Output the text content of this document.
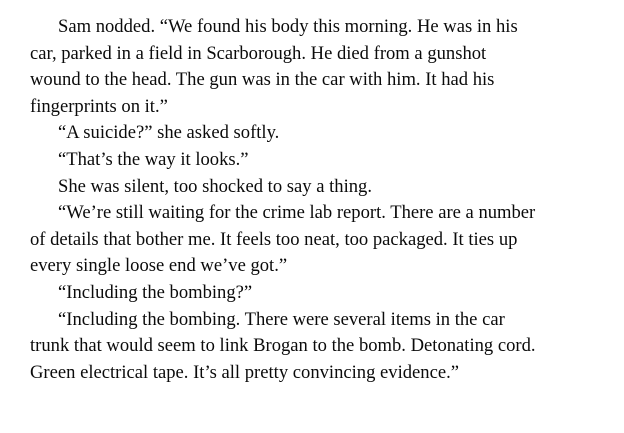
Sam nodded. “We found his body this morning. He was in his car, parked in a field in Scarborough. He died from a gunshot wound to the head. The gun was in the car with him. It had his fingerprints on it.”

“A suicide?” she asked softly.

“That’s the way it looks.”

She was silent, too shocked to say a thing.

“We’re still waiting for the crime lab report. There are a number of details that bother me. It feels too neat, too packaged. It ties up every single loose end we’ve got.”

“Including the bombing?”

“Including the bombing. There were several items in the car trunk that would seem to link Brogan to the bomb. Detonating cord. Green electrical tape. It’s all pretty convincing evidence.”
